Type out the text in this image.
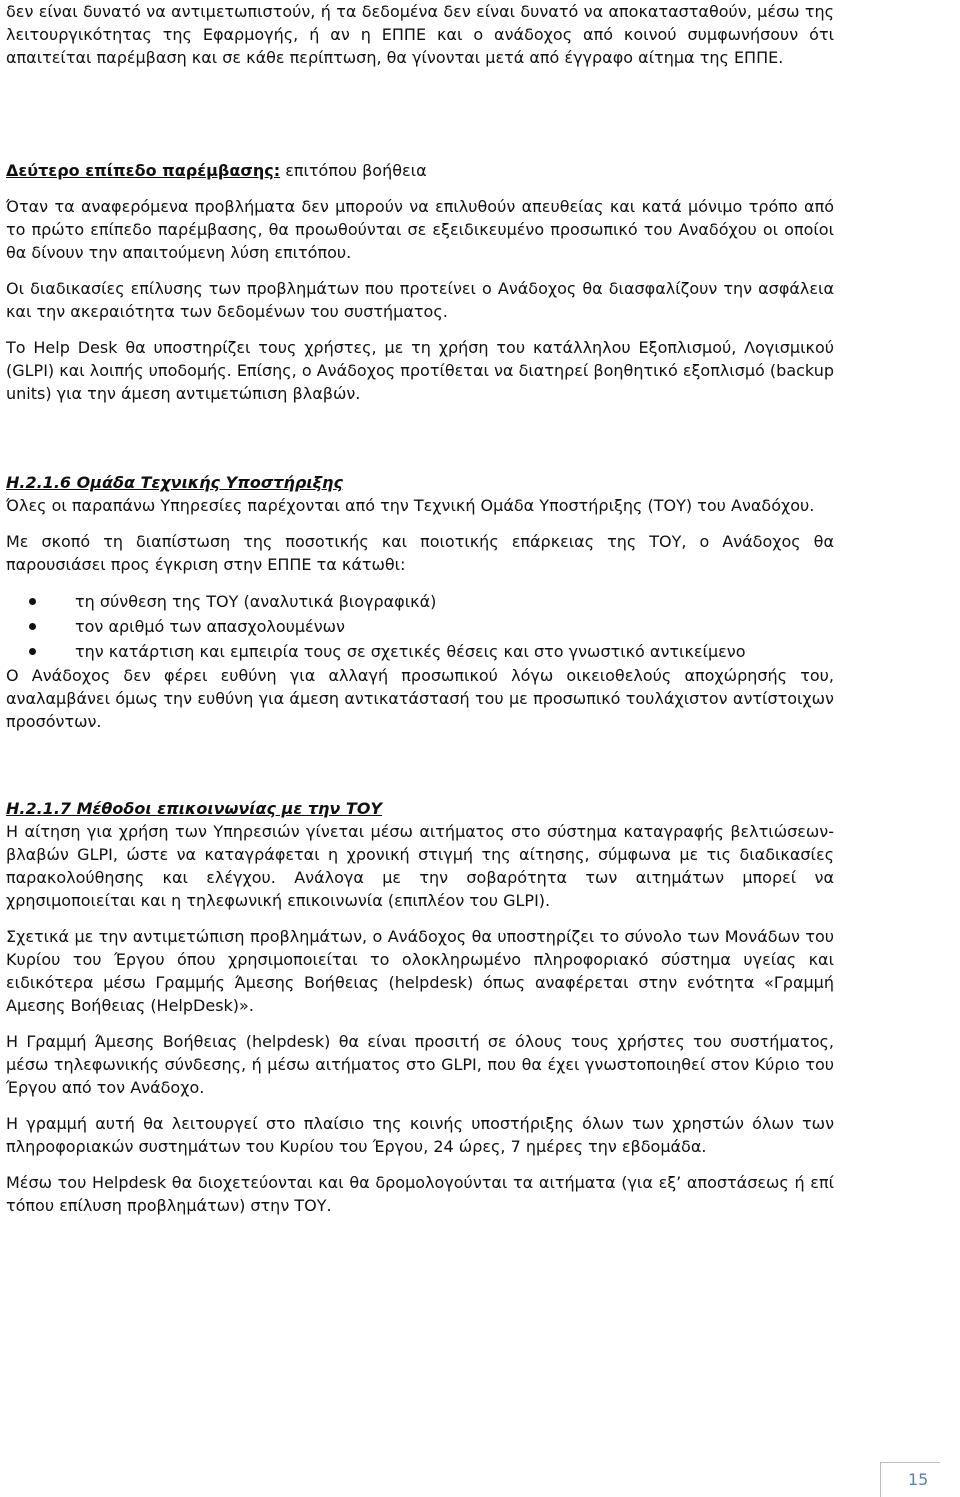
δεν είναι δυνατό να αντιμετωπιστούν, ή τα δεδομένα δεν είναι δυνατό να αποκατασταθούν, μέσω της λειτουργικότητας της Εφαρμογής, ή αν η ΕΠΠΕ και ο ανάδοχος από κοινού συμφωνήσουν ότι απαιτείται παρέμβαση και σε κάθε περίπτωση, θα γίνονται μετά από έγγραφο αίτημα της ΕΠΠΕ.

Δεύτερο επίπεδο παρέμβασης: επιτόπου βοήθεια

Όταν τα αναφερόμενα προβλήματα δεν μπορούν να επιλυθούν απευθείας και κατά μόνιμο τρόπο από το πρώτο επίπεδο παρέμβασης, θα προωθούνται σε εξειδικευμένο προσωπικό του Αναδόχου οι οποίοι θα δίνουν την απαιτούμενη λύση επιτόπου.

Οι διαδικασίες επίλυσης των προβλημάτων που προτείνει ο Ανάδοχος θα διασφαλίζουν την ασφάλεια και την ακεραιότητα των δεδομένων του συστήματος.

Το Help Desk θα υποστηρίζει τους χρήστες, με τη χρήση του κατάλληλου Εξοπλισμού, Λογισμικού (GLPI) και λοιπής υποδομής. Επίσης, ο Ανάδοχος προτίθεται να διατηρεί βοηθητικό εξοπλισμό (backup units) για την άμεση αντιμετώπιση βλαβών.

Η.2.1.6 Ομάδα Τεχνικής Υποστήριξης

Όλες οι παραπάνω Υπηρεσίες παρέχονται από την Τεχνική Ομάδα Υποστήριξης (ΤΟΥ) του Αναδόχου.

Με σκοπό τη διαπίστωση της ποσοτικής και ποιοτικής επάρκειας της ΤΟΥ, ο Ανάδοχος θα παρουσιάσει προς έγκριση στην ΕΠΠΕ τα κάτωθι:

τη σύνθεση της ΤΟΥ (αναλυτικά βιογραφικά)
τον αριθμό των απασχολουμένων
την κατάρτιση και εμπειρία τους σε σχετικές θέσεις και στο γνωστικό αντικείμενο

Ο Ανάδοχος δεν φέρει ευθύνη για αλλαγή προσωπικού λόγω οικειοθελούς αποχώρησής του, αναλαμβάνει όμως την ευθύνη για άμεση αντικατάστασή του με προσωπικό τουλάχιστον αντίστοιχων προσόντων.

Η.2.1.7 Μέθοδοι επικοινωνίας με την ΤΟΥ

Η αίτηση για χρήση των Υπηρεσιών γίνεται μέσω αιτήματος στο σύστημα καταγραφής βελτιώσεων-βλαβών GLPI, ώστε να καταγράφεται η χρονική στιγμή της αίτησης, σύμφωνα με τις διαδικασίες παρακολούθησης και ελέγχου. Ανάλογα με την σοβαρότητα των αιτημάτων μπορεί να χρησιμοποιείται και η τηλεφωνική επικοινωνία (επιπλέον του GLPI).

Σχετικά με την αντιμετώπιση προβλημάτων, ο Ανάδοχος θα υποστηρίζει το σύνολο των Μονάδων του Κυρίου του Έργου όπου χρησιμοποιείται το ολοκληρωμένο πληροφοριακό σύστημα υγείας και ειδικότερα μέσω Γραμμής Άμεσης Βοήθειας (helpdesk) όπως αναφέρεται στην ενότητα «Γραμμή Αμεσης Βοήθειας (HelpDesk)».

Η Γραμμή Άμεσης Βοήθειας (helpdesk) θα είναι προσιτή σε όλους τους χρήστες του συστήματος, μέσω τηλεφωνικής σύνδεσης, ή μέσω αιτήματος στο GLPI, που θα έχει γνωστοποιηθεί στον Κύριο του Έργου από τον Ανάδοχο.

Η γραμμή αυτή θα λειτουργεί στο πλαίσιο της κοινής υποστήριξης όλων των χρηστών όλων των πληροφοριακών συστημάτων του Κυρίου του Έργου, 24 ώρες, 7 ημέρες την εβδομάδα.

Μέσω του Helpdesk θα διοχετεύονται και θα δρομολογούνται τα αιτήματα (για εξ’ αποστάσεως ή επί τόπου επίλυση προβλημάτων) στην ΤΟΥ.

15
